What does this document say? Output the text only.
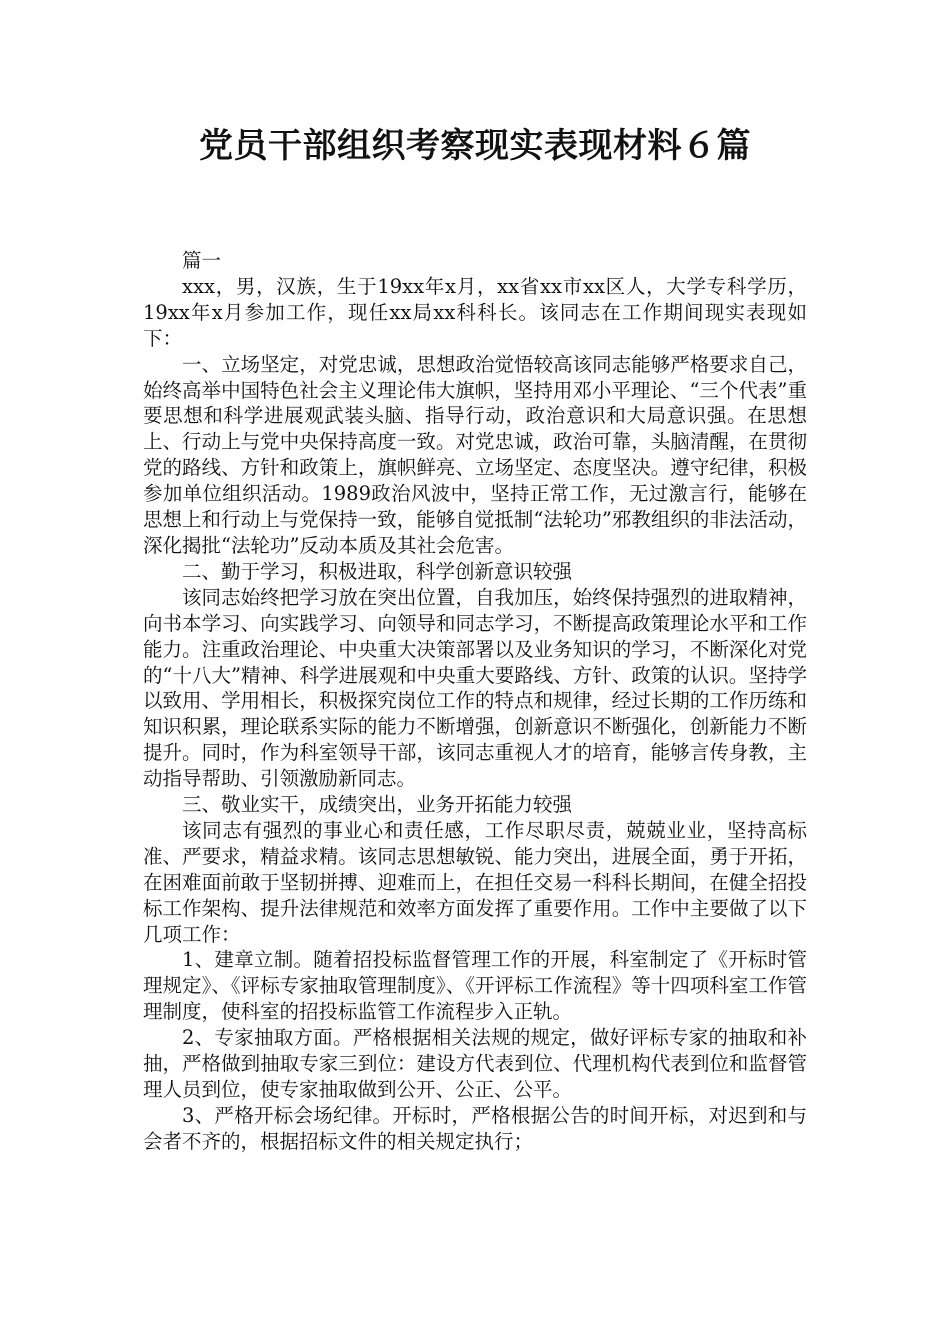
党员干部组织考察现实表现材料６篇

篇一

xxx，男，汉族，生于19xx年x月，xx省xx市xx区人，大学专科学历，19xx年x月参加工作，现任xx局xx科科长。该同志在工作期间现实表现如下：

一、立场坚定，对党忠诚，思想政治觉悟较高该同志能够严格要求自己，始终高举中国特色社会主义理论伟大旗帜，坚持用邓小平理论、“三个代表”重要思想和科学进展观武装头脑、指导行动，政治意识和大局意识强。在思想上、行动上与党中央保持高度一致。对党忠诚，政治可靠，头脑清醒，在贯彻党的路线、方针和政策上，旗帜鲜亮、立场坚定、态度坚决。遵守纪律，积极参加单位组织活动。1989政治风波中，坚持正常工作，无过激言行，能够在思想上和行动上与党保持一致，能够自觉抵制“法轮功”邪教组织的非法活动，深化揭批“法轮功”反动本质及其社会危害。

二、勤于学习，积极进取，科学创新意识较强

该同志始终把学习放在突出位置，自我加压，始终保持强烈的进取精神，向书本学习、向实践学习、向领导和同志学习，不断提高政策理论水平和工作能力。注重政治理论、中央重大决策部署以及业务知识的学习，不断深化对党的“十八大”精神、科学进展观和中央重大要路线、方针、政策的认识。坚持学以致用、学用相长，积极探究岗位工作的特点和规律，经过长期的工作历练和知识积累，理论联系实际的能力不断增强，创新意识不断强化，创新能力不断提升。同时，作为科室领导干部，该同志重视人才的培育，能够言传身教，主动指导帮助、引领激励新同志。

三、敬业实干，成绩突出，业务开拓能力较强

该同志有强烈的事业心和责任感，工作尽职尽责，兢兢业业，坚持高标准、严要求，精益求精。该同志思想敏锐、能力突出，进展全面，勇于开拓，在困难面前敢于坚韧拼搏、迎难而上，在担任交易一科科长期间，在健全招投标工作架构、提升法律规范和效率方面发挥了重要作用。工作中主要做了以下几项工作：

1、建章立制。随着招投标监督管理工作的开展，科室制定了《开标时管理规定》、《评标专家抽取管理制度》、《开评标工作流程》等十四项科室工作管理制度，使科室的招投标监管工作流程步入正轨。

2、专家抽取方面。严格根据相关法规的规定，做好评标专家的抽取和补抽，严格做到抽取专家三到位：建设方代表到位、代理机构代表到位和监督管理人员到位，使专家抽取做到公开、公正、公平。

3、严格开标会场纪律。开标时，严格根据公告的时间开标，对迟到和与会者不齐的，根据招标文件的相关规定执行；
